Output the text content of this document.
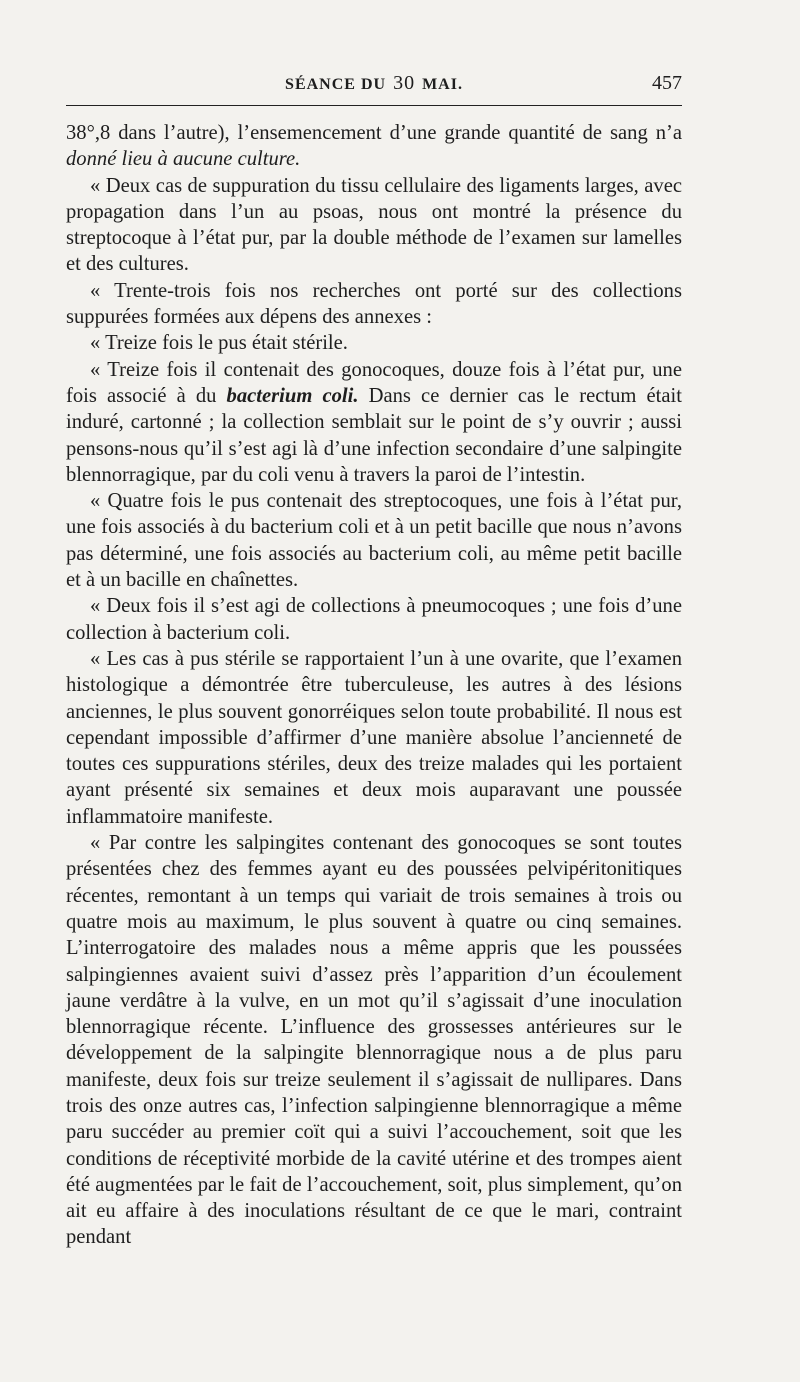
SÉANCE DU 30 MAI.	457

38°,8 dans l’autre), l’ensemencement d’une grande quantité de sang n’a donné lieu à aucune culture.

« Deux cas de suppuration du tissu cellulaire des ligaments larges, avec propagation dans l’un au psoas, nous ont montré la présence du streptocoque à l’état pur, par la double méthode de l’examen sur lamelles et des cultures.

« Trente-trois fois nos recherches ont porté sur des collections suppurées formées aux dépens des annexes :

« Treize fois le pus était stérile.

« Treize fois il contenait des gonocoques, douze fois à l’état pur, une fois associé à du bacterium coli. Dans ce dernier cas le rectum était induré, cartonné ; la collection semblait sur le point de s’y ouvrir ; aussi pensons-nous qu’il s’est agi là d’une infection secondaire d’une salpingite blennorragique, par du coli venu à travers la paroi de l’intestin.

« Quatre fois le pus contenait des streptocoques, une fois à l’état pur, une fois associés à du bacterium coli et à un petit bacille que nous n’avons pas déterminé, une fois associés au bacterium coli, au même petit bacille et à un bacille en chaînettes.

« Deux fois il s’est agi de collections à pneumocoques ; une fois d’une collection à bacterium coli.

« Les cas à pus stérile se rapportaient l’un à une ovarite, que l’examen histologique a démontrée être tuberculeuse, les autres à des lésions anciennes, le plus souvent gonorréiques selon toute probabilité. Il nous est cependant impossible d’affirmer d’une manière absolue l’ancienneté de toutes ces suppurations stériles, deux des treize malades qui les portaient ayant présenté six semaines et deux mois auparavant une poussée inflammatoire manifeste.

« Par contre les salpingites contenant des gonocoques se sont toutes présentées chez des femmes ayant eu des poussées pelvipéritonitiques récentes, remontant à un temps qui variait de trois semaines à trois ou quatre mois au maximum, le plus souvent à quatre ou cinq semaines. L’interrogatoire des malades nous a même appris que les poussées salpingiennes avaient suivi d’assez près l’apparition d’un écoulement jaune verdâtre à la vulve, en un mot qu’il s’agissait d’une inoculation blennorragique récente. L’influence des grossesses antérieures sur le développement de la salpingite blennorragique nous a de plus paru manifeste, deux fois sur treize seulement il s’agissait de nullipares. Dans trois des onze autres cas, l’infection salpingienne blennorragique a même paru succéder au premier coït qui a suivi l’accouchement, soit que les conditions de réceptivité morbide de la cavité utérine et des trompes aient été augmentées par le fait de l’accouchement, soit, plus simplement, qu’on ait eu affaire à des inoculations résultant de ce que le mari, contraint pendant
